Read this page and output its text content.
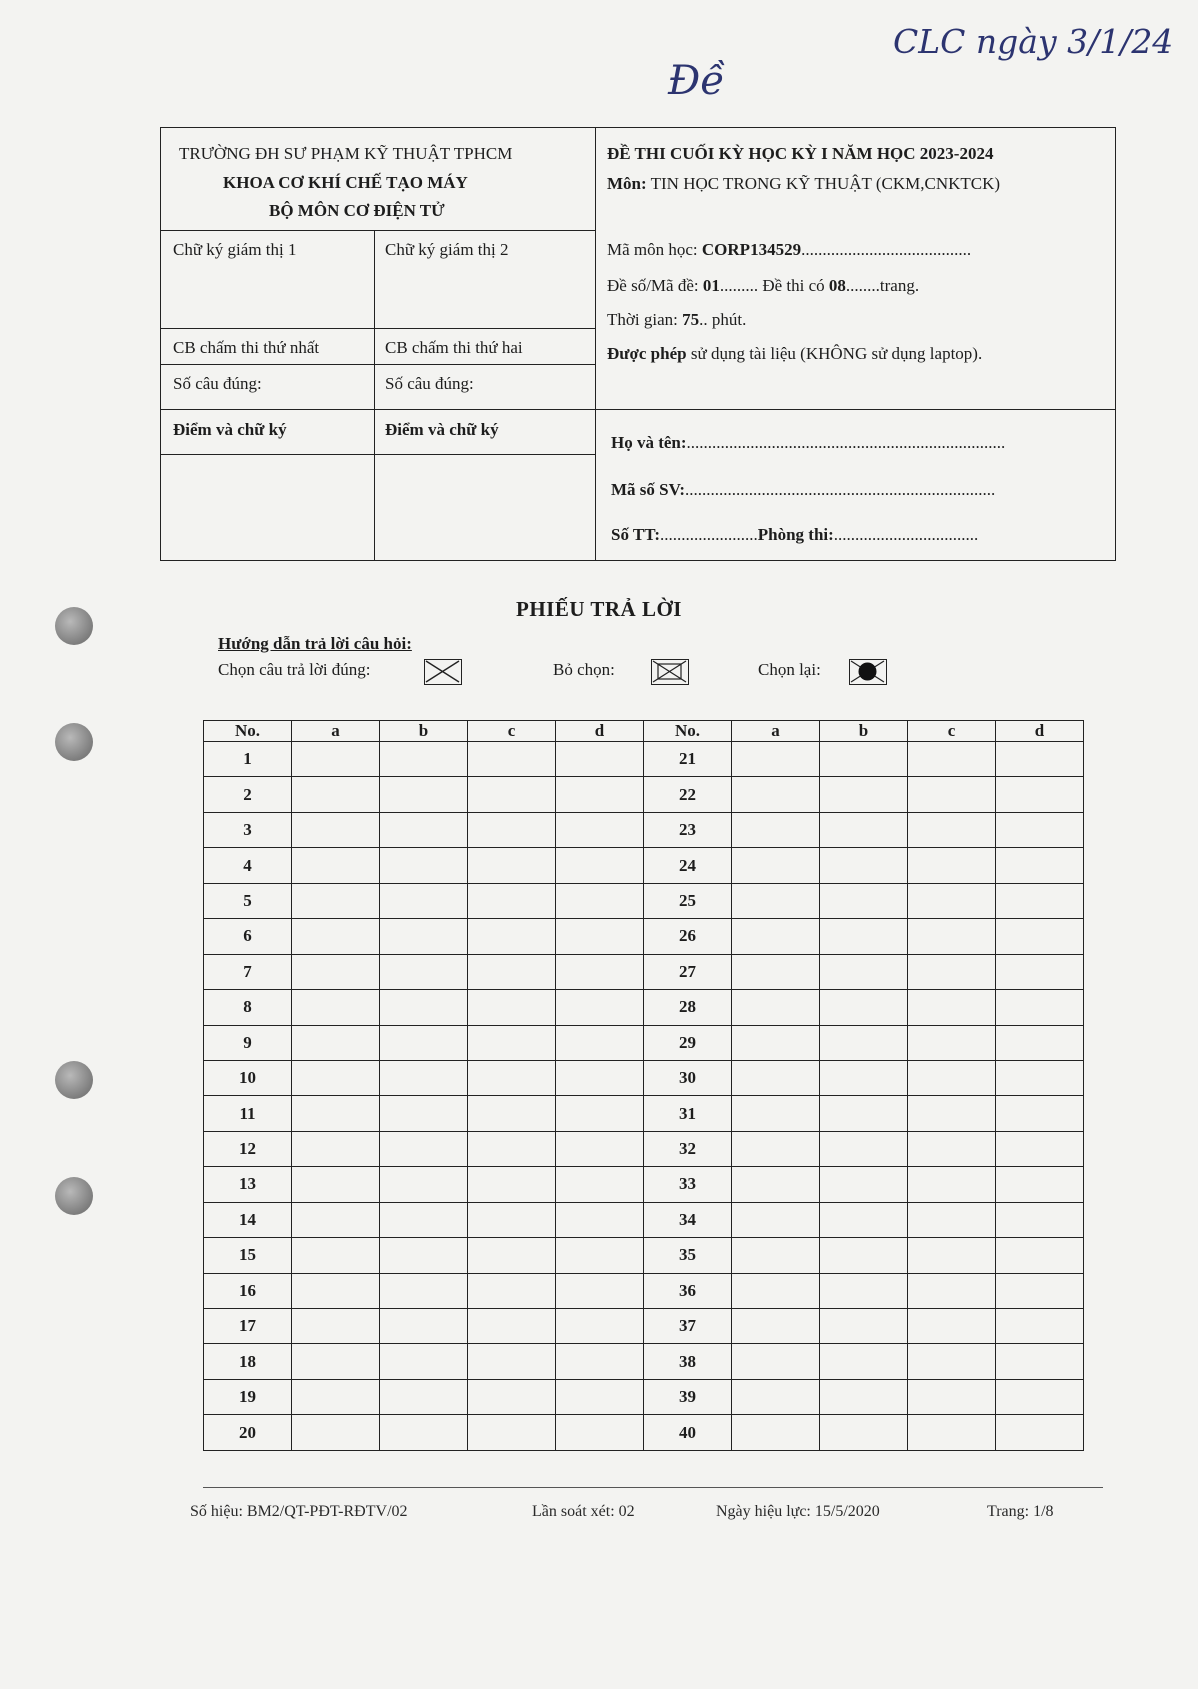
Đề
CLC ngày 3/1/24
TRƯỜNG ĐH SƯ PHẠM KỸ THUẬT TPHCM
KHOA CƠ KHÍ CHẾ TẠO MÁY
BỘ MÔN CƠ ĐIỆN TỬ
Chữ ký giám thị 1	Chữ ký giám thị 2
CB chấm thi thứ nhất	CB chấm thi thứ hai
Số câu đúng:	Số câu đúng:
Điểm và chữ ký	Điểm và chữ ký
ĐỀ THI CUỐI KỲ HỌC KỲ I NĂM HỌC 2023-2024
Môn: TIN HỌC TRONG KỸ THUẬT (CKM,CNKTCK)
Mã môn học: CORP134529........................................
Đề số/Mã đề: 01......... Đề thi có 08........trang.
Thời gian: 75.. phút.
Được phép sử dụng tài liệu (KHÔNG sử dụng laptop).
Họ và tên:...........................................................................
Mã số SV:.........................................................................
Số TT:.......................Phòng thi:..................................
PHIẾU TRẢ LỜI
Hướng dẫn trả lời câu hỏi:
Chọn câu trả lời đúng:	Bỏ chọn:	Chọn lại:
No.	a	b	c	d	No.	a	b	c	d
1					21				
2					22				
3					23				
4					24				
5					25				
6					26				
7					27				
8					28				
9					29				
10					30				
11					31				
12					32				
13					33				
14					34				
15					35				
16					36				
17					37				
18					38				
19					39				
20					40				
Số hiệu: BM2/QT-PĐT-RĐTV/02	Lần soát xét: 02	Ngày hiệu lực: 15/5/2020	Trang: 1/8
